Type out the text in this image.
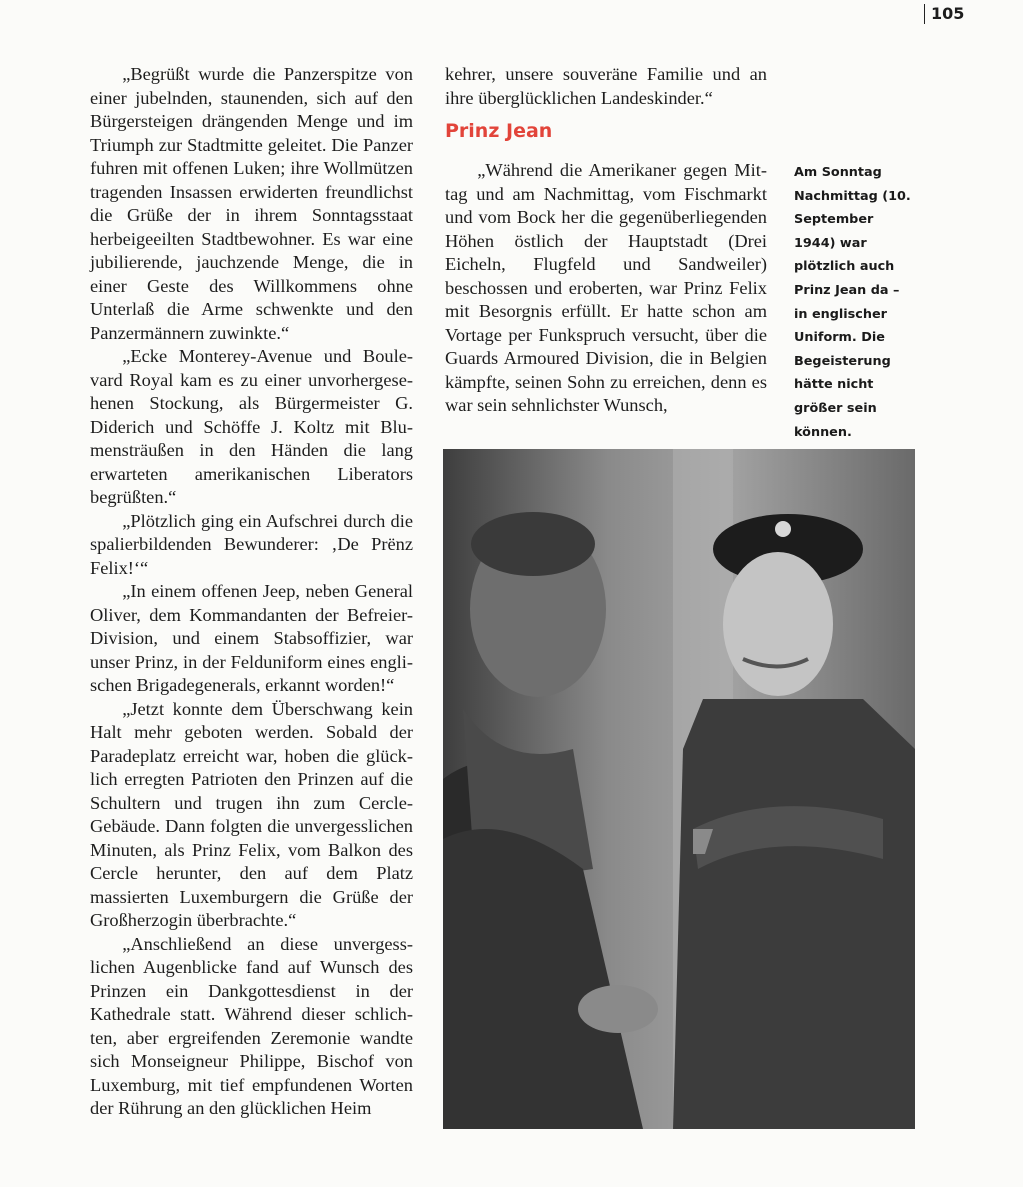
105

„Begrüßt wurde die Panzerspitze von einer jubelnden, staunenden, sich auf den Bürgersteigen drängenden Menge und im Triumph zur Stadtmitte geleitet. Die Panzer fuhren mit offenen Luken; ihre Wollmützen tragenden Insassen erwiderten freundlichst die Grüße der in ihrem Sonntagsstaat herbeigeeilten Stadtbewohner. Es war eine jubilierende, jauchzende Menge, die in einer Geste des Willkommens ohne Unterlaß die Arme schwenkte und den Panzermännern zuwinkte.“

„Ecke Monterey-Avenue und Boulevard Royal kam es zu einer unvorhergesehenen Stockung, als Bürgermeister G. Diderich und Schöffe J. Koltz mit Blumensträußen in den Händen die lang erwarteten amerikanischen Liberators begrüßten.“

„Plötzlich ging ein Aufschrei durch die spalierbildenden Bewunderer: ‚De Prënz Felix!‘“

„In einem offenen Jeep, neben General Oliver, dem Kommandanten der Befreier-Division, und einem Stabsoffizier, war unser Prinz, in der Felduniform eines englischen Brigadegenerals, erkannt worden!“

„Jetzt konnte dem Überschwang kein Halt mehr geboten werden. Sobald der Paradeplatz erreicht war, hoben die glücklich erregten Patrioten den Prinzen auf die Schultern und trugen ihn zum Cercle-Gebäude. Dann folgten die unvergesslichen Minuten, als Prinz Felix, vom Balkon des Cercle herunter, den auf dem Platz massierten Luxemburgern die Grüße der Großherzogin überbrachte.“

„Anschließend an diese unvergesslichen Augenblicke fand auf Wunsch des Prinzen ein Dankgottesdienst in der Kathedrale statt. Während dieser schlichten, aber ergreifenden Zeremonie wandte sich Monseigneur Philippe, Bischof von Luxemburg, mit tief empfundenen Worten der Rührung an den glücklichen Heim

kehrer, unsere souveräne Familie und an ihre überglücklichen Landeskinder.“

Prinz Jean

„Während die Amerikaner gegen Mittag und am Nachmittag, vom Fischmarkt und vom Bock her die gegenüberliegenden Höhen östlich der Hauptstadt (Drei Eicheln, Flugfeld und Sandweiler) beschossen und eroberten, war Prinz Felix mit Besorgnis erfüllt. Er hatte schon am Vortage per Funkspruch versucht, über die Guards Armoured Division, die in Belgien kämpfte, seinen Sohn zu erreichen, denn es war sein sehnlichster Wunsch,

Am Sonntag Nachmittag (10. September 1944) war plötzlich auch Prinz Jean da – in englischer Uniform. Die Begeisterung hätte nicht größer sein können.
